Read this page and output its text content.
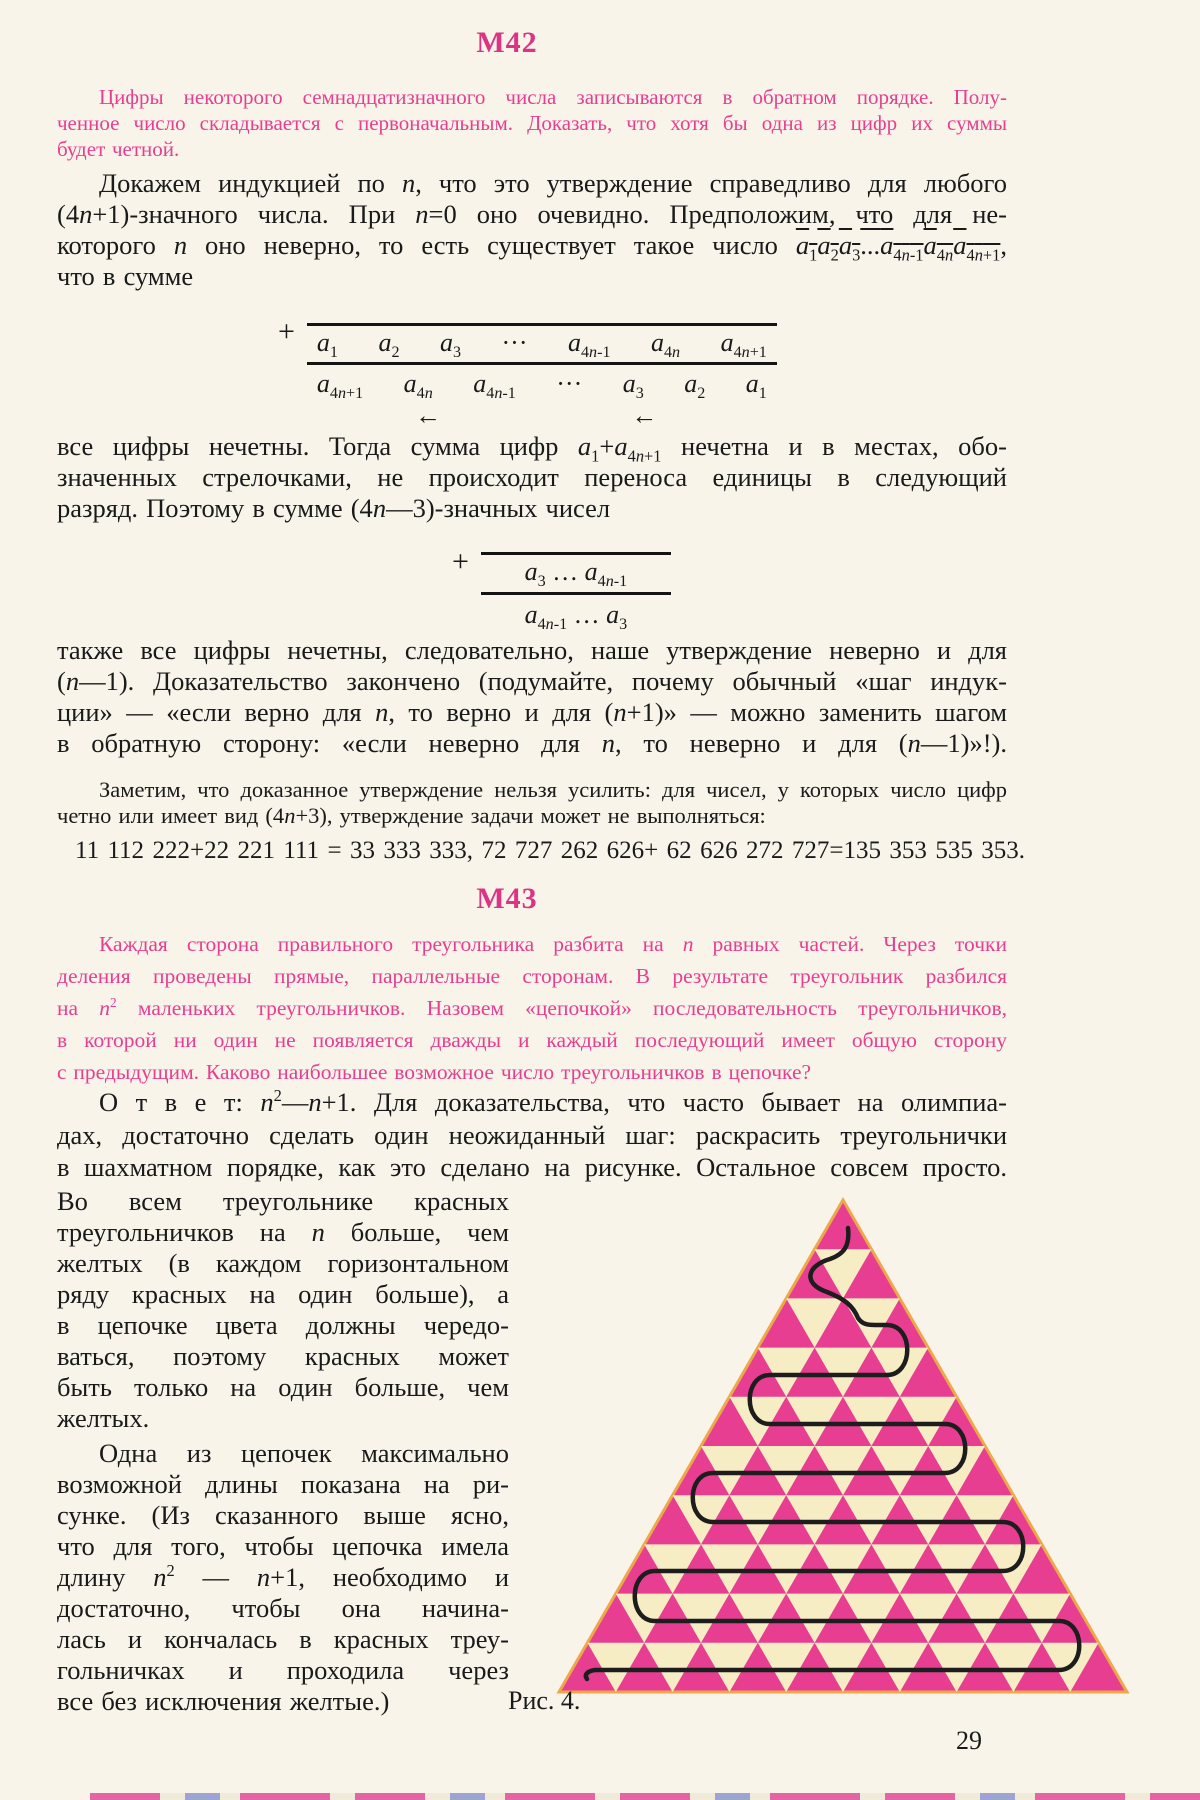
М42
Цифры некоторого семнадцатизначного числа записываются в обратном порядке. Полу-
ченное число складывается с первоначальным. Доказать, что хотя бы одна из цифр их суммы
будет четной.
Докажем индукцией по n, что это утверждение справедливо для любого
(4n+1)-значного числа. При n=0 оно очевидно. Предположим, что для не-
которого n оно неверно, то есть существует такое число $a_1a_2a_3...a_{4n-1}a_{4n}a_{4n+1}$,
что в сумме
+ $a_1$ $a_2$ $a_3$ ··· $a_{4n-1}$ $a_{4n}$ $a_{4n+1}$
$a_{4n+1}$ $a_{4n}$ $a_{4n-1}$ ··· $a_3$ $a_2$ $a_1$
←	←
все цифры нечетны. Тогда сумма цифр $a_1+a_{4n+1}$ нечетна и в местах, обо-
значенных стрелочками, не происходит переноса единицы в следующий
разряд. Поэтому в сумме (4n—3)-значных чисел
+ $\frac{a_3 \dots a_{4n-1}}{a_{4n-1} \dots a_3}$
также все цифры нечетны, следовательно, наше утверждение неверно и для
(n—1). Доказательство закончено (подумайте, почему обычный «шаг индук-
ции» — «если верно для n, то верно и для (n+1)» — можно заменить шагом
в обратную сторону: «если неверно для n, то неверно и для (n—1)»!).
Заметим, что доказанное утверждение нельзя усилить: для чисел, у которых число цифр
четно или имеет вид (4n+3), утверждение задачи может не выполняться:
11 112 222+22 221 111 = 33 333 333, 72 727 262 626+ 62 626 272 727=135 353 535 353.
М43
Каждая сторона правильного треугольника разбита на n равных частей. Через точки
деления проведены прямые, параллельные сторонам. В результате треугольник разбился
на $n^2$ маленьких треугольничков. Назовем «цепочкой» последовательность треугольничков,
в которой ни один не появляется дважды и каждый последующий имеет общую сторону
с предыдущим. Каково наибольшее возможное число треугольничков в цепочке?
О т в е т: $n^2—n+1$. Для доказательства, что часто бывает на олимпиа-
дах, достаточно сделать один неожиданный шаг: раскрасить треугольнички
в шахматном порядке, как это сделано на рисунке. Остальное совсем просто.
Во всем треугольнике красных
треугольничков на n больше, чем
желтых (в каждом горизонтальном
ряду красных на один больше), а
в цепочке цвета должны чередо-
ваться, поэтому красных может
быть только на один больше, чем
желтых.
Одна из цепочек максимально
возможной длины показана на ри-
сунке. (Из сказанного выше ясно,
что для того, чтобы цепочка имела
длину $n^2$ — n+1, необходимо и
достаточно, чтобы она начина-
лась и кончалась в красных треу-
гольничках и проходила через
все без исключения желтые.)	Рис. 4.
29
